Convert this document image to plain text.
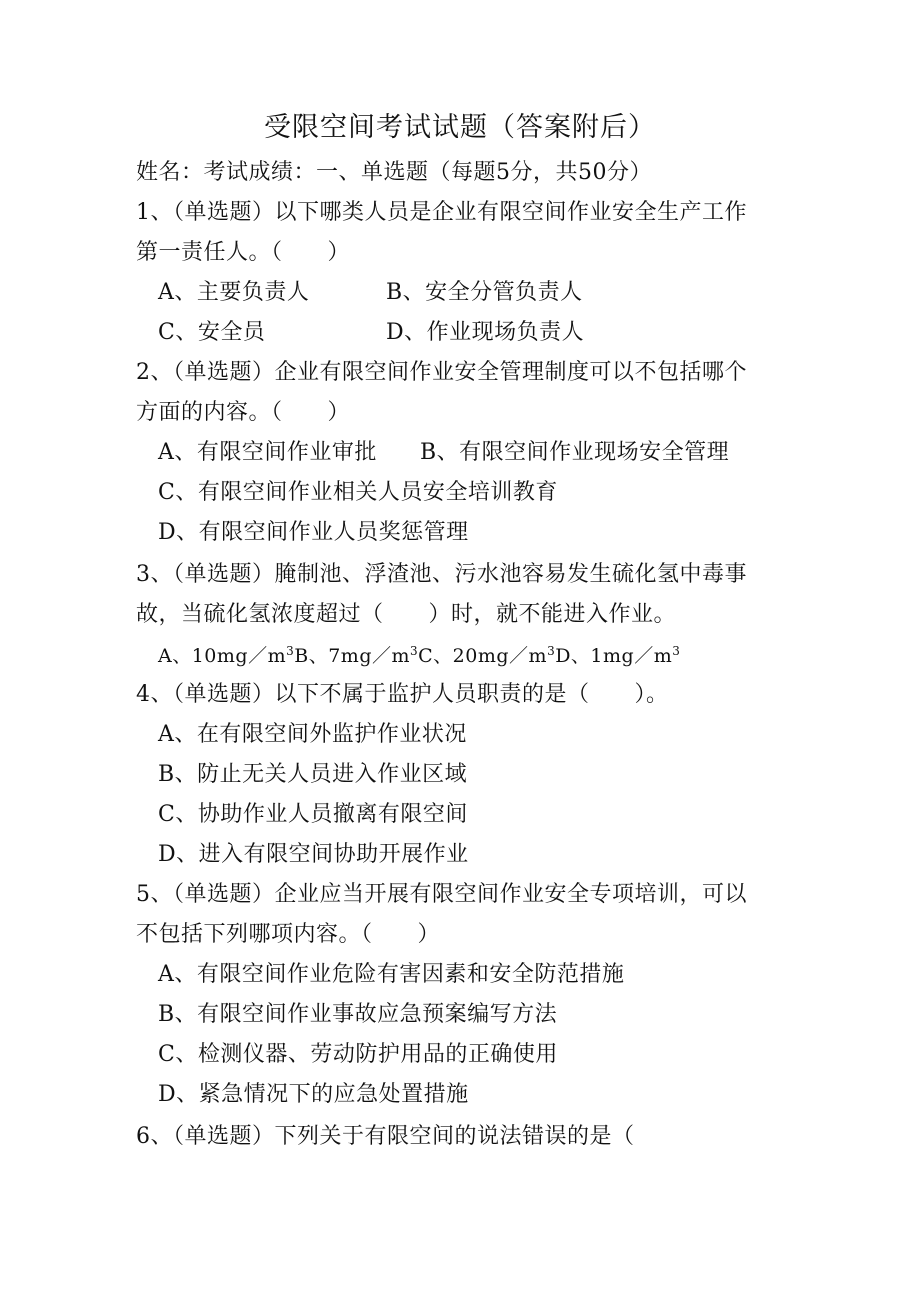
受限空间考试试题（答案附后）
姓名：考试成绩：一、单选题（每题5分，共50分）
1、（单选题）以下哪类人员是企业有限空间作业安全生产工作
第一责任人。（　　）
A、主要负责人	B、安全分管负责人
C、安全员	D、作业现场负责人
2、（单选题）企业有限空间作业安全管理制度可以不包括哪个
方面的内容。（　　）
A、有限空间作业审批 B、有限空间作业现场安全管理
C、有限空间作业相关人员安全培训教育
D、有限空间作业人员奖惩管理
3、（单选题）腌制池、浮渣池、污水池容易发生硫化氢中毒事
故，当硫化氢浓度超过（　　）时，就不能进入作业。
A、$10mg/m^3B$、$7mg/m^3C$、$20mg/m^3D$、$1mg/m^3$
4、（单选题）以下不属于监护人员职责的是（　　）。
A、在有限空间外监护作业状况
B、防止无关人员进入作业区域
C、协助作业人员撤离有限空间
D、进入有限空间协助开展作业
5、（单选题）企业应当开展有限空间作业安全专项培训，可以
不包括下列哪项内容。（　　）
A、有限空间作业危险有害因素和安全防范措施
B、有限空间作业事故应急预案编写方法
C、检测仪器、劳动防护用品的正确使用
D、紧急情况下的应急处置措施
6、（单选题）下列关于有限空间的说法错误的是（
